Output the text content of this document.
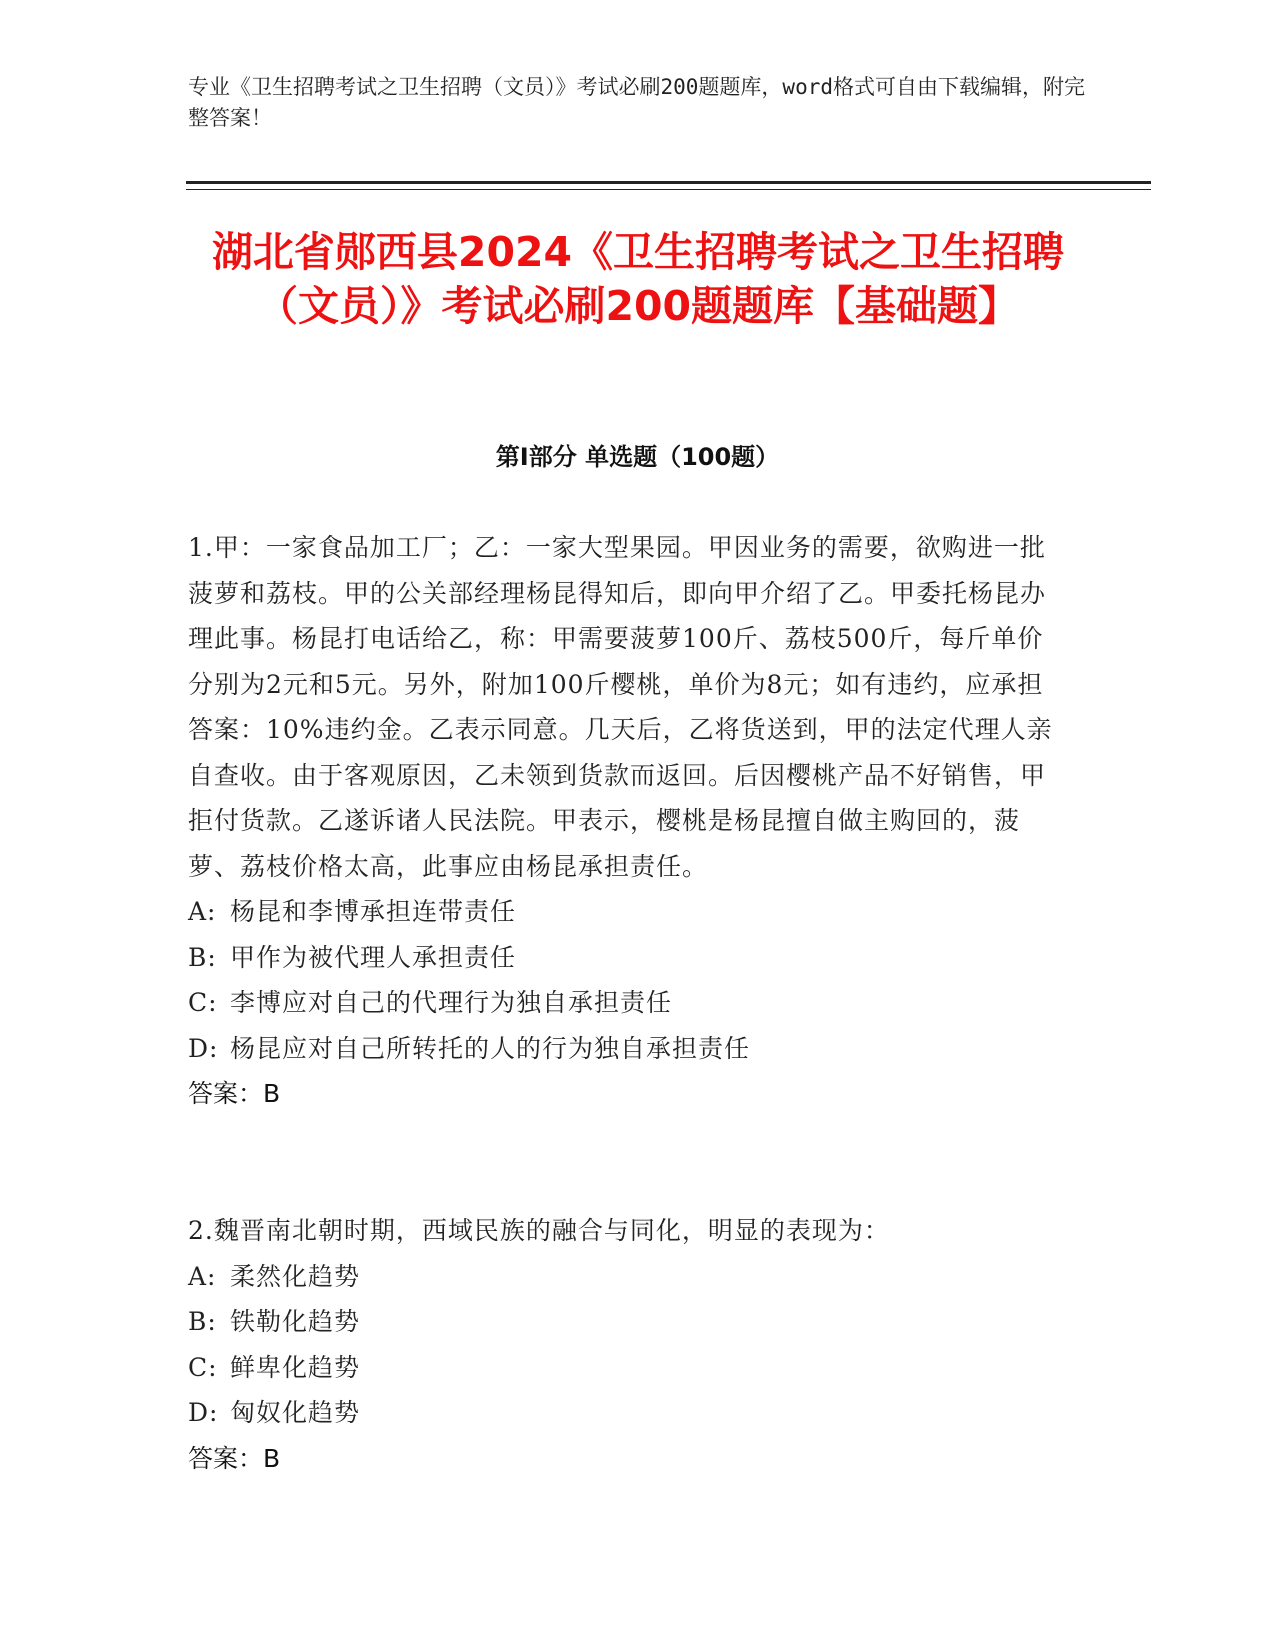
专业《卫生招聘考试之卫生招聘（文员）》考试必刷200题题库，word格式可自由下载编辑，附完整答案！

湖北省郧西县2024《卫生招聘考试之卫生招聘（文员）》考试必刷200题题库【基础题】
第I部分 单选题（100题）

1.甲：一家食品加工厂；乙：一家大型果园。甲因业务的需要，欲购进一批菠萝和荔枝。甲的公关部经理杨昆得知后，即向甲介绍了乙。甲委托杨昆办理此事。杨昆打电话给乙，称：甲需要菠萝100斤、荔枝500斤，每斤单价分别为2元和5元。另外，附加100斤樱桃，单价为8元；如有违约，应承担答案：10%违约金。乙表示同意。几天后，乙将货送到，甲的法定代理人亲自查收。由于客观原因，乙未领到货款而返回。后因樱桃产品不好销售，甲拒付货款。乙遂诉诸人民法院。甲表示，樱桃是杨昆擅自做主购回的，菠萝、荔枝价格太高，此事应由杨昆承担责任。

A: 杨昆和李博承担连带责任

B: 甲作为被代理人承担责任

C: 李博应对自己的代理行为独自承担责任

D: 杨昆应对自己所转托的人的行为独自承担责任

答案：B

2.魏晋南北朝时期，西域民族的融合与同化，明显的表现为：

A: 柔然化趋势

B: 铁勒化趋势

C: 鲜卑化趋势

D: 匈奴化趋势

答案：B
